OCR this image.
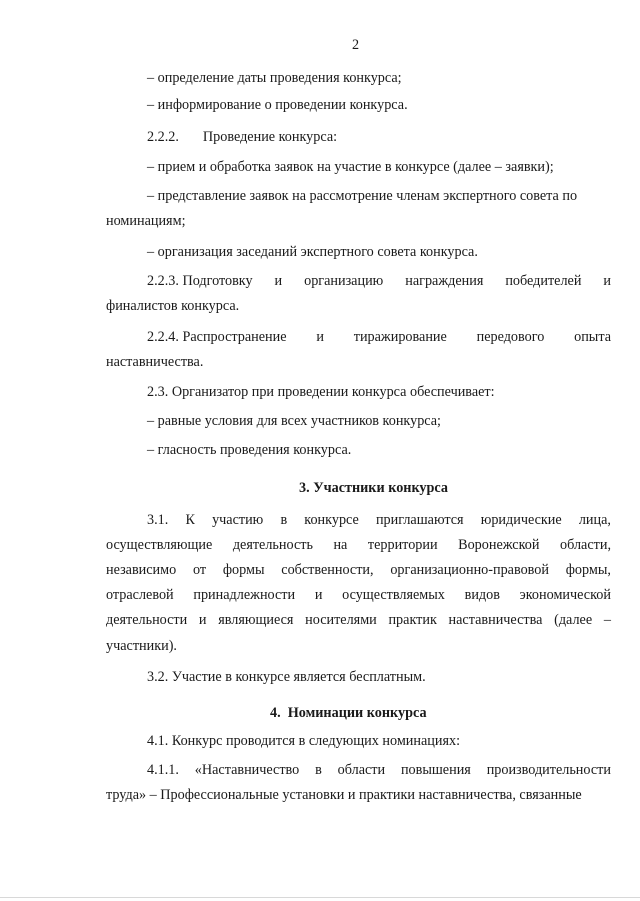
2
– определение даты проведения конкурса;
– информирование о проведении конкурса.
2.2.2. Проведение конкурса:
– прием и обработка заявок на участие в конкурсе (далее – заявки);
– представление заявок на рассмотрение членам экспертного совета по
номинациям;
– организация заседаний экспертного совета конкурса.
2.2.3. Подготовку и организацию награждения победителей и
финалистов конкурса.
2.2.4. Распространение и тиражирование передового опыта
наставничества.
2.3. Организатор при проведении конкурса обеспечивает:
– равные условия для всех участников конкурса;
– гласность проведения конкурса.
3. Участники конкурса
3.1. К участию в конкурсе приглашаются юридические лица,
осуществляющие деятельность на территории Воронежской области,
независимо от формы собственности, организационно-правовой формы,
отраслевой принадлежности и осуществляемых видов экономической
деятельности и являющиеся носителями практик наставничества (далее –
участники).
3.2. Участие в конкурсе является бесплатным.
4.  Номинации конкурса
4.1. Конкурс проводится в следующих номинациях:
4.1.1. «Наставничество в области повышения производительности
труда» – Профессиональные установки и практики наставничества, связанные
